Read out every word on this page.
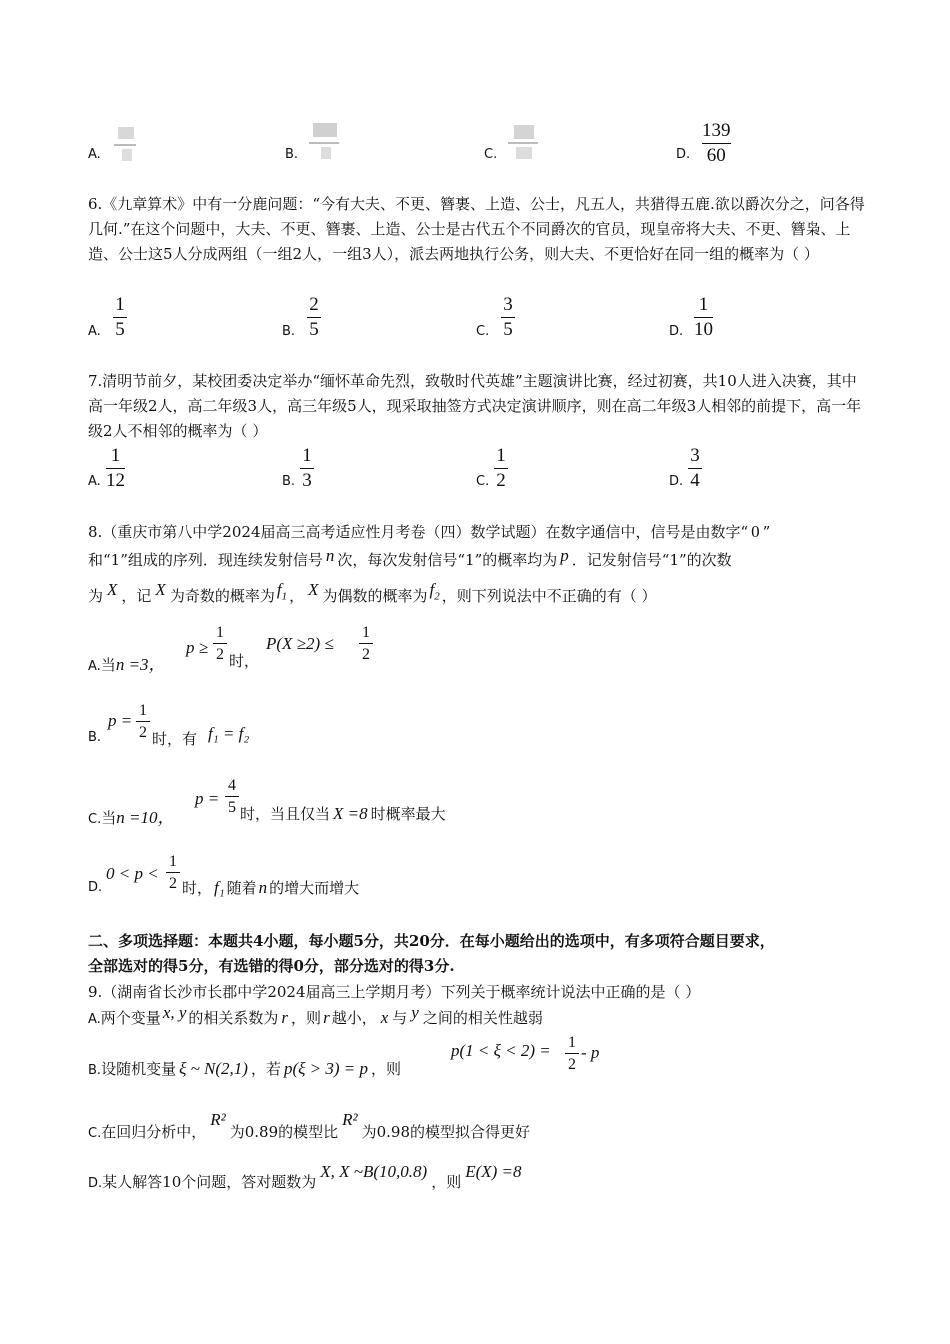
A.	B.	C.	D.
139
60
6.《九章算术》中有一分鹿问题：“今有大夫、不更、簪裹、上造、公士，凡五人，共猎得五鹿.欲以爵次分之，问各得几何.”在这个问题中，大夫、不更、簪裹、上造、公士是古代五个不同爵次的官员，现皇帝将大夫、不更、簪枭、上造、公士这5人分成两组（一组2人，一组3人），派去两地执行公务，则大夫、不更恰好在同一组的概率为（ ）
A.
1
5	B.
2
5	C.
3
5	D.
1
10
7.清明节前夕，某校团委决定举办“缅怀革命先烈，致敬时代英雄”主题演讲比赛，经过初赛，共10人进入决赛，其中高一年级2人，高二年级3人，高三年级5人，现采取抽签方式决定演讲顺序，则在高二年级3人相邻的前提下，高一年级2人不相邻的概率为（ ）
A.
1
12	B.
1
3	C.
1
2	D.
3
4
8.（重庆市第八中学2024届高三高考适应性月考卷（四）数学试题）在数字通信中，信号是由数字“ 0 ”
和“1”组成的序列．现连续发射信号 n 次，每次发射信号“1”的概率均为 p ．记发射信号“1”的次数
为 X ，记 X 为奇数的概率为 $f_1$ ， X 为偶数的概率为 $f_2$ ，则下列说法中不正确的有（ ）
A.当n =3，
p ≥
1
2 时，
P(X ≥2) ≤
1
2
B.
p =
1
2 时，有 f₁ = f₂
C.当n =10，
p =
4
5 时，当且仅当 X =8 时概率最大
D.
0 < p <
1
2 时， f₁ 随着 n 的增大而增大
二、多项选择题：本题共4小题，每小题5分，共20分．在每小题给出的选项中，有多项符合题目要求，
全部选对的得5分，有选错的得0分，部分选对的得3分.
9.（湖南省长沙市长郡中学2024届高三上学期月考）下列关于概率统计说法中正确的是（ ）
A.两个变量 x, y 的相关系数为 r ，则 r 越小， x 与 y 之间的相关性越弱
B.设随机变量 ξ ~ N(2,1) ，若 p(ξ > 3) = p ，则
p(1 < ξ < 2) = 1
2
- p
C.在回归分析中，R²为0.89的模型比R²为0.98的模型拟合得更好
D.某人解答10个问题，答对题数为X, X ~B(10,0.8)，则E(X) =8
